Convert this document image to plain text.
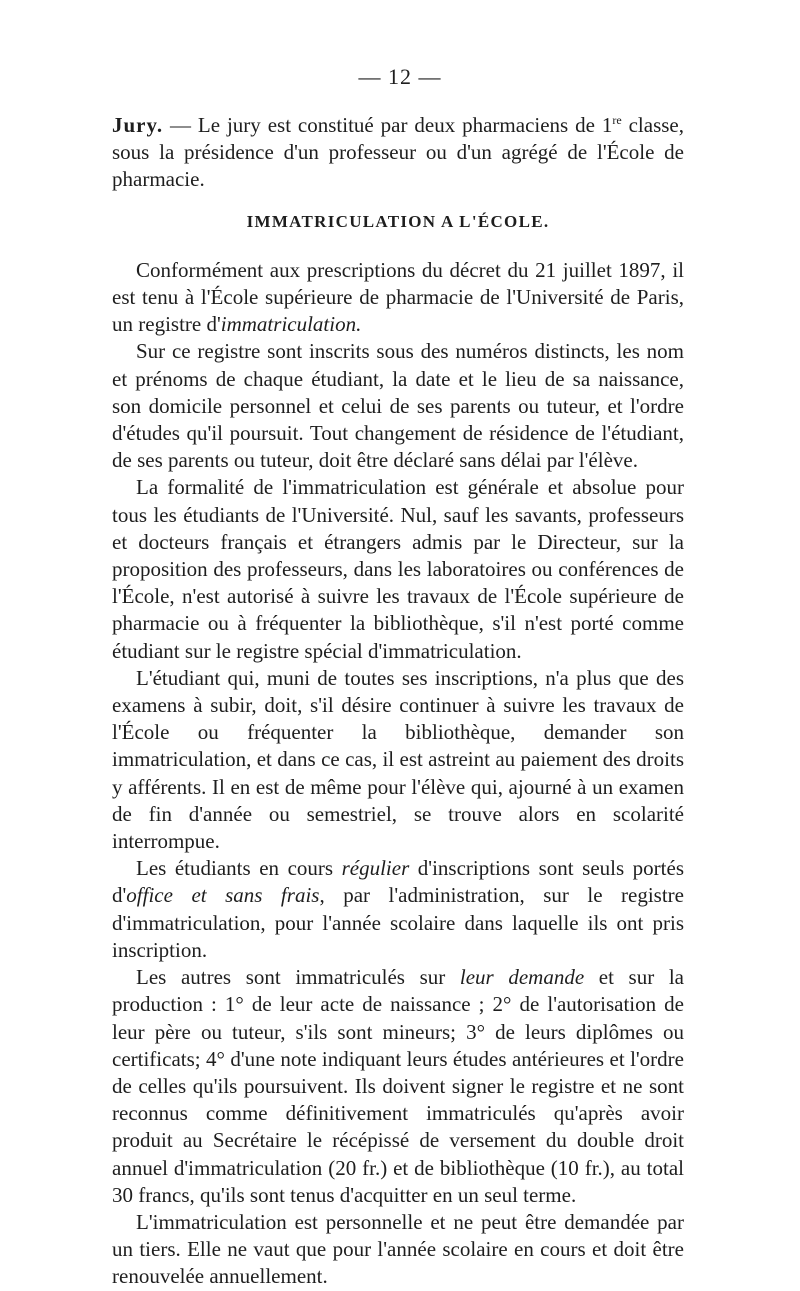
— 12 —

Jury. — Le jury est constitué par deux pharmaciens de 1re classe, sous la présidence d'un professeur ou d'un agrégé de l'École de pharmacie.

IMMATRICULATION A L'ÉCOLE.

Conformément aux prescriptions du décret du 21 juillet 1897, il est tenu à l'École supérieure de pharmacie de l'Université de Paris, un registre d'immatriculation.

Sur ce registre sont inscrits sous des numéros distincts, les nom et prénoms de chaque étudiant, la date et le lieu de sa naissance, son domicile personnel et celui de ses parents ou tuteur, et l'ordre d'études qu'il poursuit. Tout changement de résidence de l'étudiant, de ses parents ou tuteur, doit être déclaré sans délai par l'élève.

La formalité de l'immatriculation est générale et absolue pour tous les étudiants de l'Université. Nul, sauf les savants, professeurs et docteurs français et étrangers admis par le Directeur, sur la proposition des professeurs, dans les laboratoires ou conférences de l'École, n'est autorisé à suivre les travaux de l'École supérieure de pharmacie ou à fréquenter la bibliothèque, s'il n'est porté comme étudiant sur le registre spécial d'immatriculation.

L'étudiant qui, muni de toutes ses inscriptions, n'a plus que des examens à subir, doit, s'il désire continuer à suivre les travaux de l'École ou fréquenter la bibliothèque, demander son immatriculation, et dans ce cas, il est astreint au paiement des droits y afférents. Il en est de même pour l'élève qui, ajourné à un examen de fin d'année ou semestriel, se trouve alors en scolarité interrompue.

Les étudiants en cours régulier d'inscriptions sont seuls portés d'office et sans frais, par l'administration, sur le registre d'immatriculation, pour l'année scolaire dans laquelle ils ont pris inscription.

Les autres sont immatriculés sur leur demande et sur la production : 1° de leur acte de naissance ; 2° de l'autorisation de leur père ou tuteur, s'ils sont mineurs; 3° de leurs diplômes ou certificats; 4° d'une note indiquant leurs études antérieures et l'ordre de celles qu'ils poursuivent. Ils doivent signer le registre et ne sont reconnus comme définitivement immatriculés qu'après avoir produit au Secrétaire le récépissé de versement du double droit annuel d'immatriculation (20 fr.) et de bibliothèque (10 fr.), au total 30 francs, qu'ils sont tenus d'acquitter en un seul terme.

L'immatriculation est personnelle et ne peut être demandée par un tiers. Elle ne vaut que pour l'année scolaire en cours et doit être renouvelée annuellement.
